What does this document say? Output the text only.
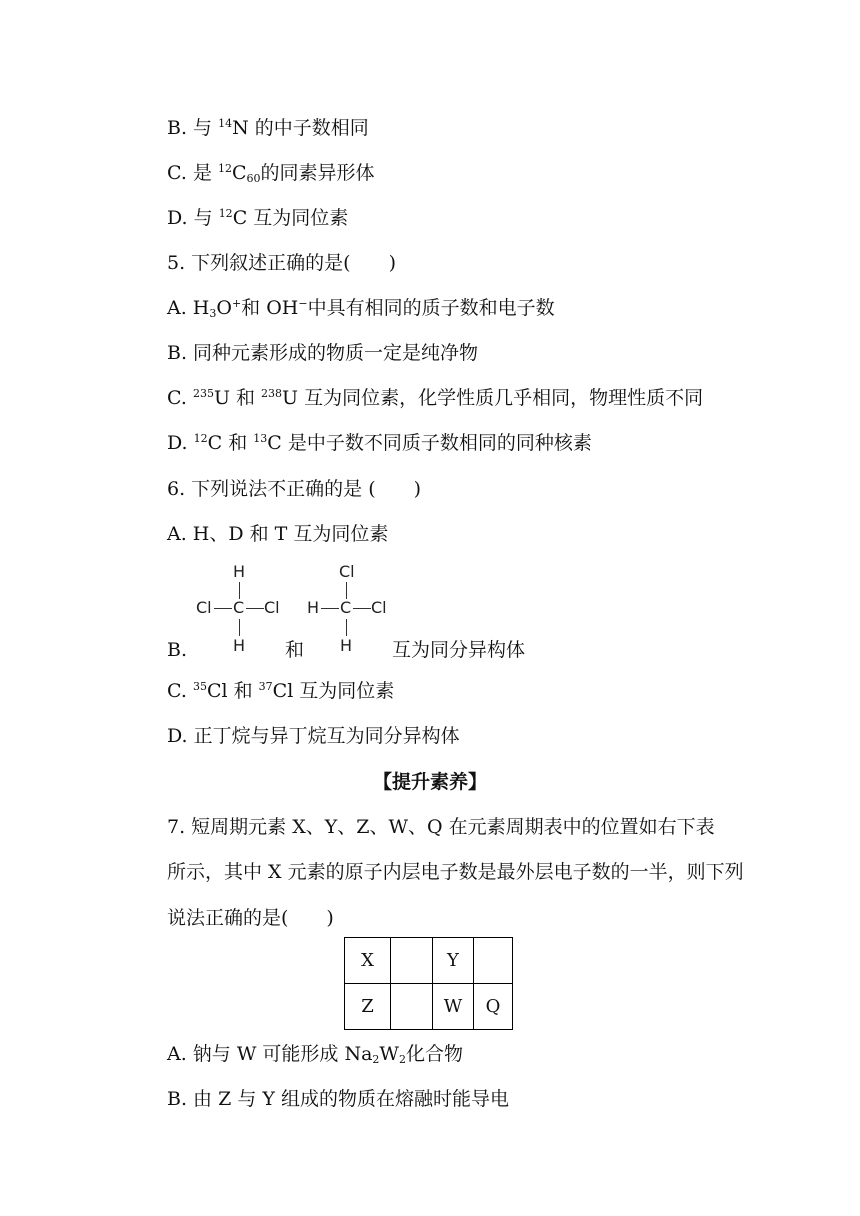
B. 与 $^{14}$N 的中子数相同
C. 是 $^{12}C_{60}$的同素异形体
D. 与 $^{12}$C 互为同位素
5. 下列叙述正确的是(　　)
A. $H_3O^+$和 OH−中具有相同的质子数和电子数
B. 同种元素形成的物质一定是纯净物
C. $^{235}$U 和 $^{238}$U 互为同位素，化学性质几乎相同，物理性质不同
D. $^{12}$C 和 $^{13}$C 是中子数不同质子数相同的同种核素
6. 下列说法不正确的是 (　　)
A. H、D 和 T 互为同位素
H
Cl C Cl
H
Cl
H C Cl
H
B.	和	互为同分异构体
C. $^{35}$Cl 和 $^{37}$Cl 互为同位素
D. 正丁烷与异丁烷互为同分异构体
【提升素养】
7. 短周期元素 X、Y、Z、W、Q 在元素周期表中的位置如右下表
所示，其中 X 元素的原子内层电子数是最外层电子数的一半，则下列
说法正确的是(　　)
X		Y	
Z		W	Q
A. 钠与 W 可能形成 $Na_2W_2$化合物
B. 由 Z 与 Y 组成的物质在熔融时能导电
